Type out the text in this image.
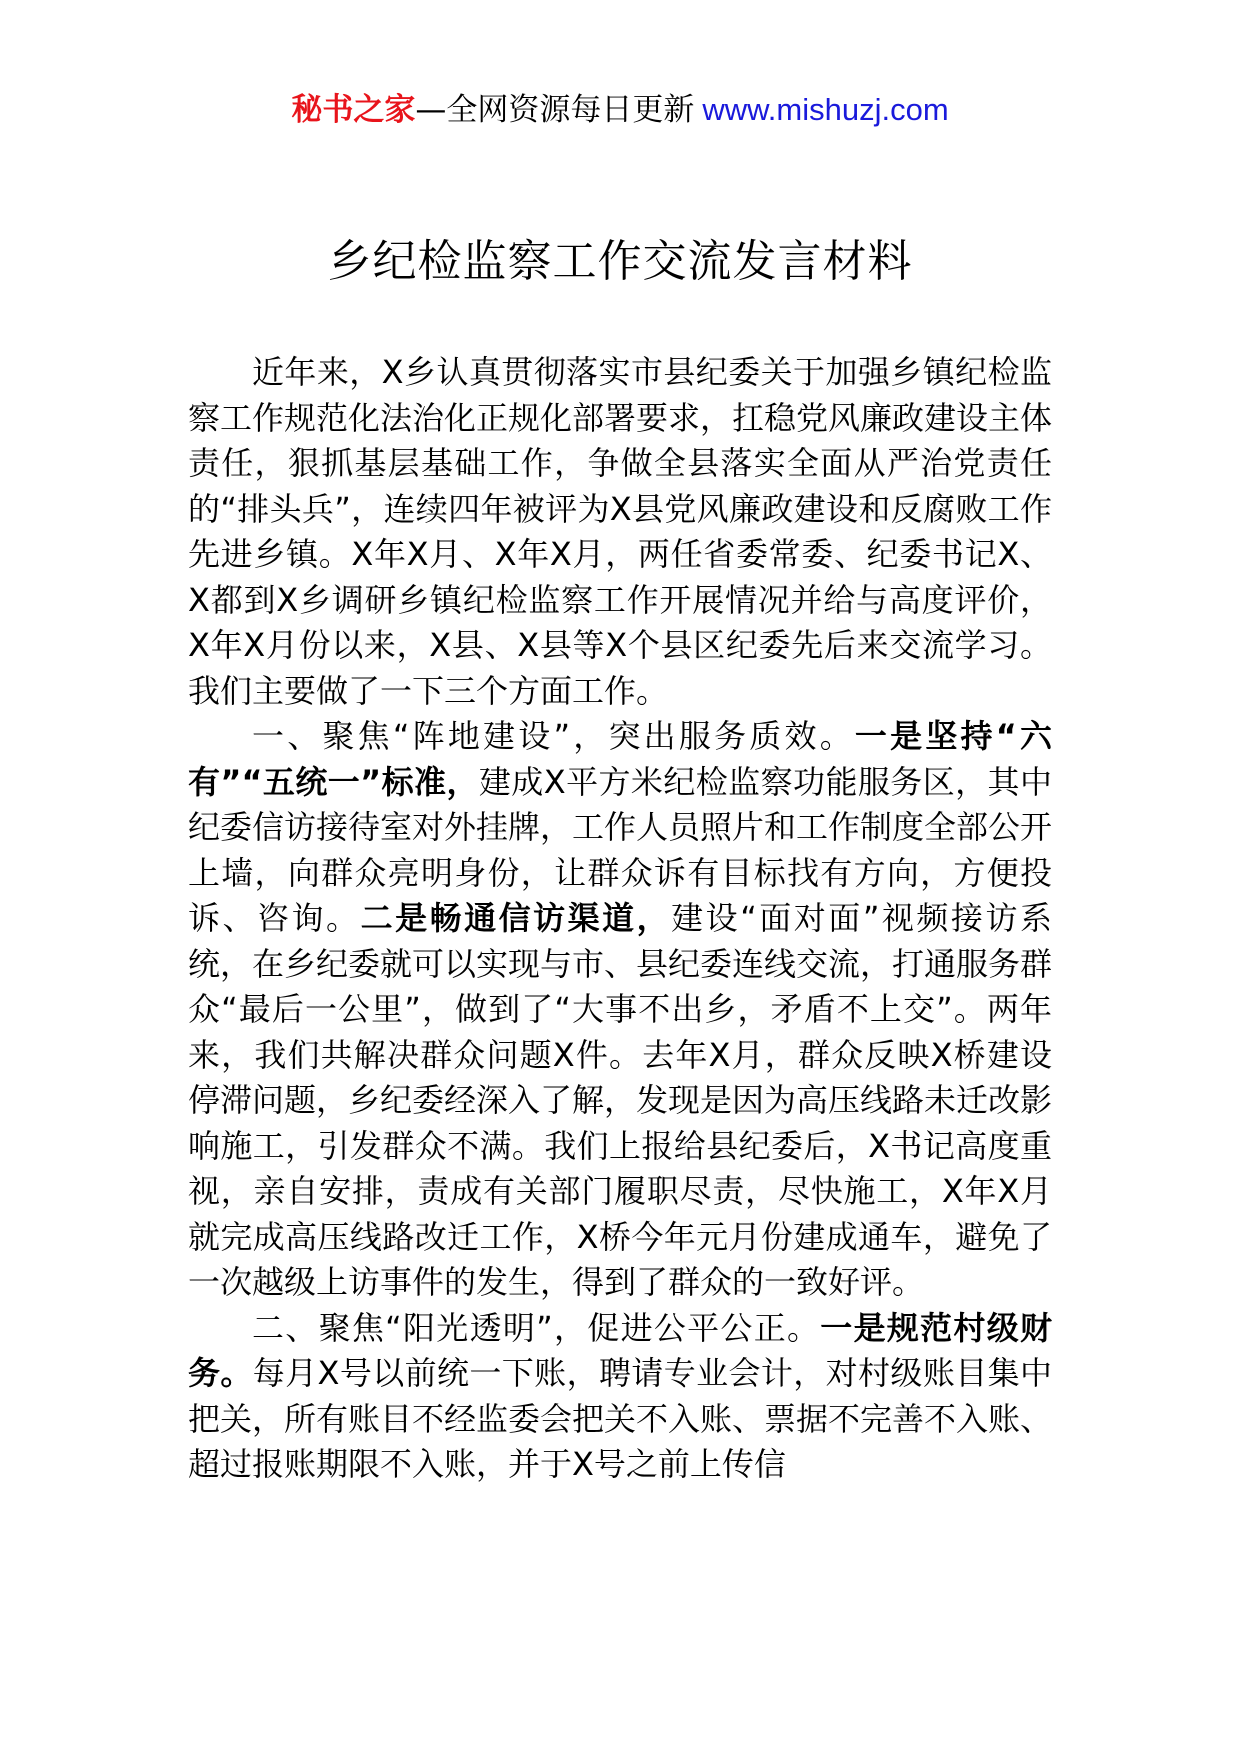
秘书之家—全网资源每日更新 www.mishuzj.com
乡纪检监察工作交流发言材料

近年来，X乡认真贯彻落实市县纪委关于加强乡镇纪检监察工作规范化法治化正规化部署要求，扛稳党风廉政建设主体责任，狠抓基层基础工作，争做全县落实全面从严治党责任的“排头兵”，连续四年被评为X县党风廉政建设和反腐败工作先进乡镇。X年X月、X年X月，两任省委常委、纪委书记X、X都到X乡调研乡镇纪检监察工作开展情况并给与高度评价，X年X月份以来，X县、X县等X个县区纪委先后来交流学习。我们主要做了一下三个方面工作。

一、聚焦“阵地建设”，突出服务质效。一是坚持“六有”“五统一”标准，建成X平方米纪检监察功能服务区，其中纪委信访接待室对外挂牌，工作人员照片和工作制度全部公开上墙，向群众亮明身份，让群众诉有目标找有方向，方便投诉、咨询。二是畅通信访渠道，建设“面对面”视频接访系统，在乡纪委就可以实现与市、县纪委连线交流，打通服务群众“最后一公里”，做到了“大事不出乡，矛盾不上交”。两年来，我们共解决群众问题X件。去年X月，群众反映X桥建设停滞问题，乡纪委经深入了解，发现是因为高压线路未迁改影响施工，引发群众不满。我们上报给县纪委后，X书记高度重视，亲自安排，责成有关部门履职尽责，尽快施工，X年X月就完成高压线路改迁工作，X桥今年元月份建成通车，避免了一次越级上访事件的发生，得到了群众的一致好评。

二、聚焦“阳光透明”，促进公平公正。一是规范村级财务。每月X号以前统一下账，聘请专业会计，对村级账目集中把关，所有账目不经监委会把关不入账、票据不完善不入账、超过报账期限不入账，并于X号之前上传信
